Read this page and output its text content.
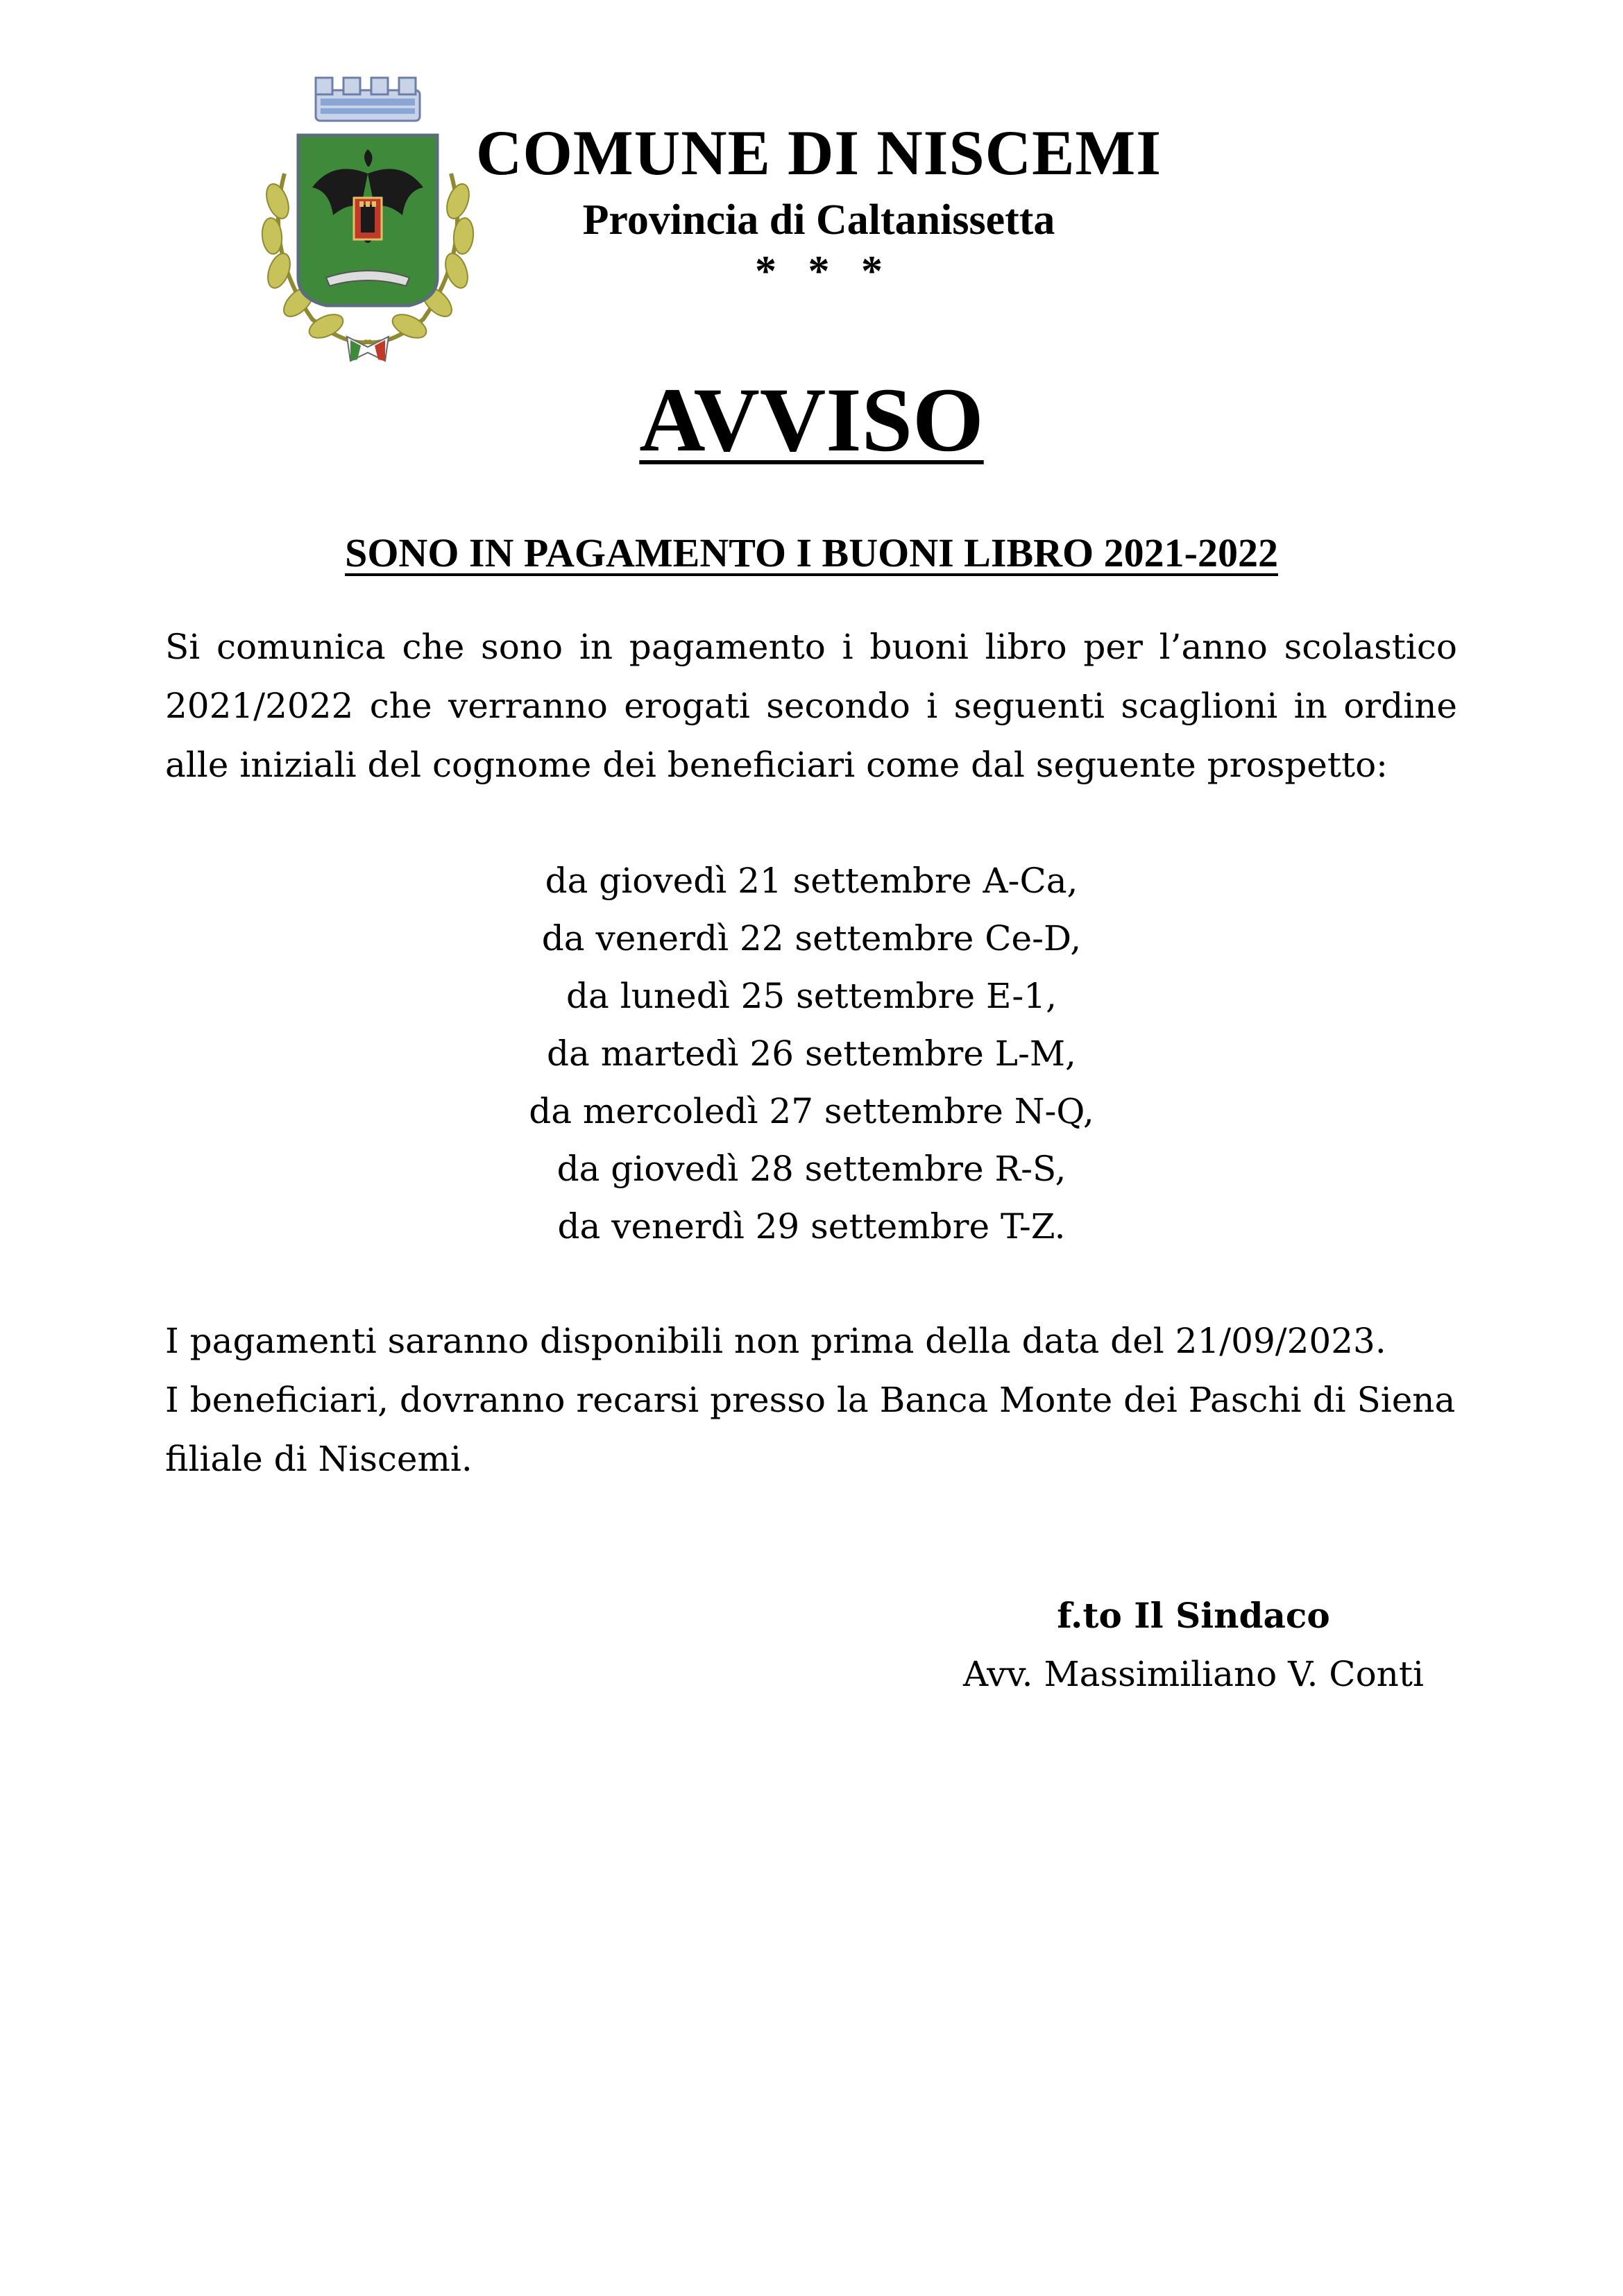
COMUNE DI NISCEMI
Provincia di Caltanissetta
* * *
AVVISO
SONO IN PAGAMENTO I BUONI LIBRO 2021-2022

Si comunica che sono in pagamento i buoni libro per l’anno scolastico 2021/2022 che verranno erogati secondo i seguenti scaglioni in ordine alle iniziali del cognome dei beneficiari come dal seguente prospetto:

da giovedì 21 settembre A-Ca,
da venerdì 22 settembre Ce-D,
da lunedì 25 settembre E-1,
da martedì 26 settembre L-M,
da mercoledì 27 settembre N-Q,
da giovedì 28 settembre R-S,
da venerdì 29 settembre T-Z.

I pagamenti saranno disponibili non prima della data del 21/09/2023.

I beneficiari, dovranno recarsi presso la Banca Monte dei Paschi di Siena filiale di Niscemi.

f.to Il Sindaco
Avv. Massimiliano V. Conti
